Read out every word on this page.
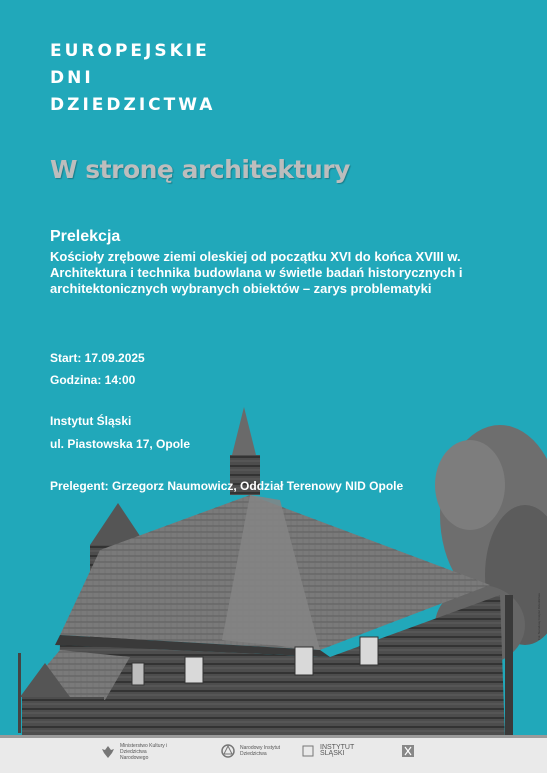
EUROPEJSKIE
DNI
DZIEDZICTWA
W stronę architektury
Prelekcja
Kościoły zrębowe ziemi oleskiej od początku XVI do końca XVIII w. Architektura i technika budowlana w świetle badań historycznych i architektonicznych wybranych obiektów – zarys problematyki
Start: 17.09.2025
Godzina: 14:00
Instytut Śląski
ul. Piastowska 17, Opole
Prelegent: Grzegorz Naumowicz, Oddział Terenowy NID Opole
Ministerstwo Kultury i Dziedzictwa Narodowego
Narodowy Instytut Dziedzictwa
INSTYTUT ŚLĄSKI
Fot. Narodowy Instytut Dziedzictwa
